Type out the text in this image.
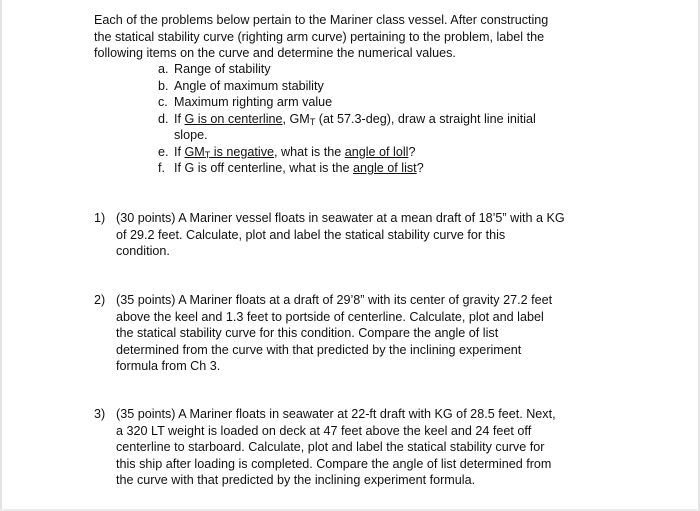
Each of the problems below pertain to the Mariner class vessel. After constructing

the statical stability curve (righting arm curve) pertaining to the problem, label the

following items on the curve and determine the numerical values.

a. Range of stability
b. Angle of maximum stability
c. Maximum righting arm value
d. If G is on centerline, $GM_T$ (at 57.3-deg), draw a straight line initial
slope.
e. If $GM_T$ is negative, what is the angle of loll?
f. If G is off centerline, what is the angle of list?
1) (30 points) A Mariner vessel floats in seawater at a mean draft of 18’5” with a KG
of 29.2 feet. Calculate, plot and label the statical stability curve for this
condition.
2) (35 points) A Mariner floats at a draft of 29’8” with its center of gravity 27.2 feet
above the keel and 1.3 feet to portside of centerline. Calculate, plot and label
the statical stability curve for this condition. Compare the angle of list
determined from the curve with that predicted by the inclining experiment
formula from Ch 3.
3) (35 points) A Mariner floats in seawater at 22-ft draft with KG of 28.5 feet. Next,
a 320 LT weight is loaded on deck at 47 feet above the keel and 24 feet off
centerline to starboard. Calculate, plot and label the statical stability curve for
this ship after loading is completed. Compare the angle of list determined from
the curve with that predicted by the inclining experiment formula.
